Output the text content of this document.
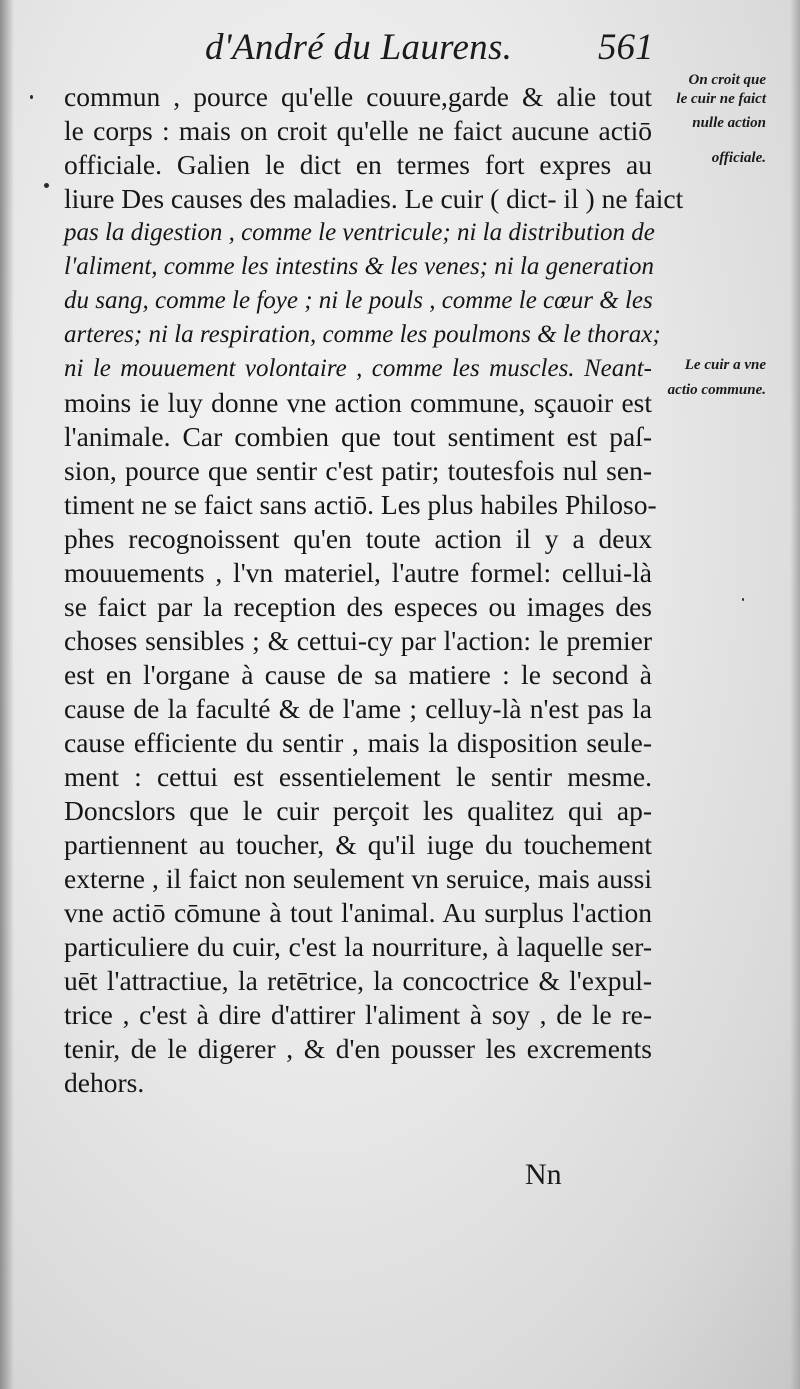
d'André du Laurens. 561
On croit que
le cuir ne faict
nulle action
officiale.
Le cuir a vne
actio commune.
commun , pource qu'elle couure,garde & alie tout
le corps : mais on croit qu'elle ne faict aucune actiō
officiale. Galien le dict en termes fort expres au
liure Des causes des maladies. Le cuir ( dict- il ) ne faict
pas la digestion , comme le ventricule; ni la distribution de
l'aliment, comme les intestins & les venes; ni la generation
du sang, comme le foye ; ni le pouls , comme le cœur & les
arteres; ni la respiration, comme les poulmons & le thorax;
ni le mouuement volontaire , comme les muscles. Neant-
moins ie luy donne vne action commune, sçauoir est
l'animale. Car combien que tout sentiment est paſ-
sion, pource que sentir c'est patir; toutesfois nul sen-
timent ne se faict sans actiō. Les plus habiles Philoso-
phes recognoissent qu'en toute action il y a deux
mouuements , l'vn materiel, l'autre formel: cellui-là
se faict par la reception des especes ou images des
choses sensibles ; & cettui-cy par l'action: le premier
est en l'organe à cause de sa matiere : le second à
cause de la faculté & de l'ame ; celluy-là n'est pas la
cause efficiente du sentir , mais la disposition seule-
ment : cettui est essentielement le sentir mesme.
Doncslors que le cuir perçoit les qualitez qui ap-
partiennent au toucher, & qu'il iuge du touchement
externe , il faict non seulement vn seruice, mais aussi
vne actiō cōmune à tout l'animal. Au surplus l'action
particuliere du cuir, c'est la nourriture, à laquelle ser-
uēt l'attractiue, la retētrice, la concoctrice & l'expul-
trice , c'est à dire d'attirer l'aliment à soy , de le re-
tenir, de le digerer , & d'en pousser les excrements
dehors.
Nn
